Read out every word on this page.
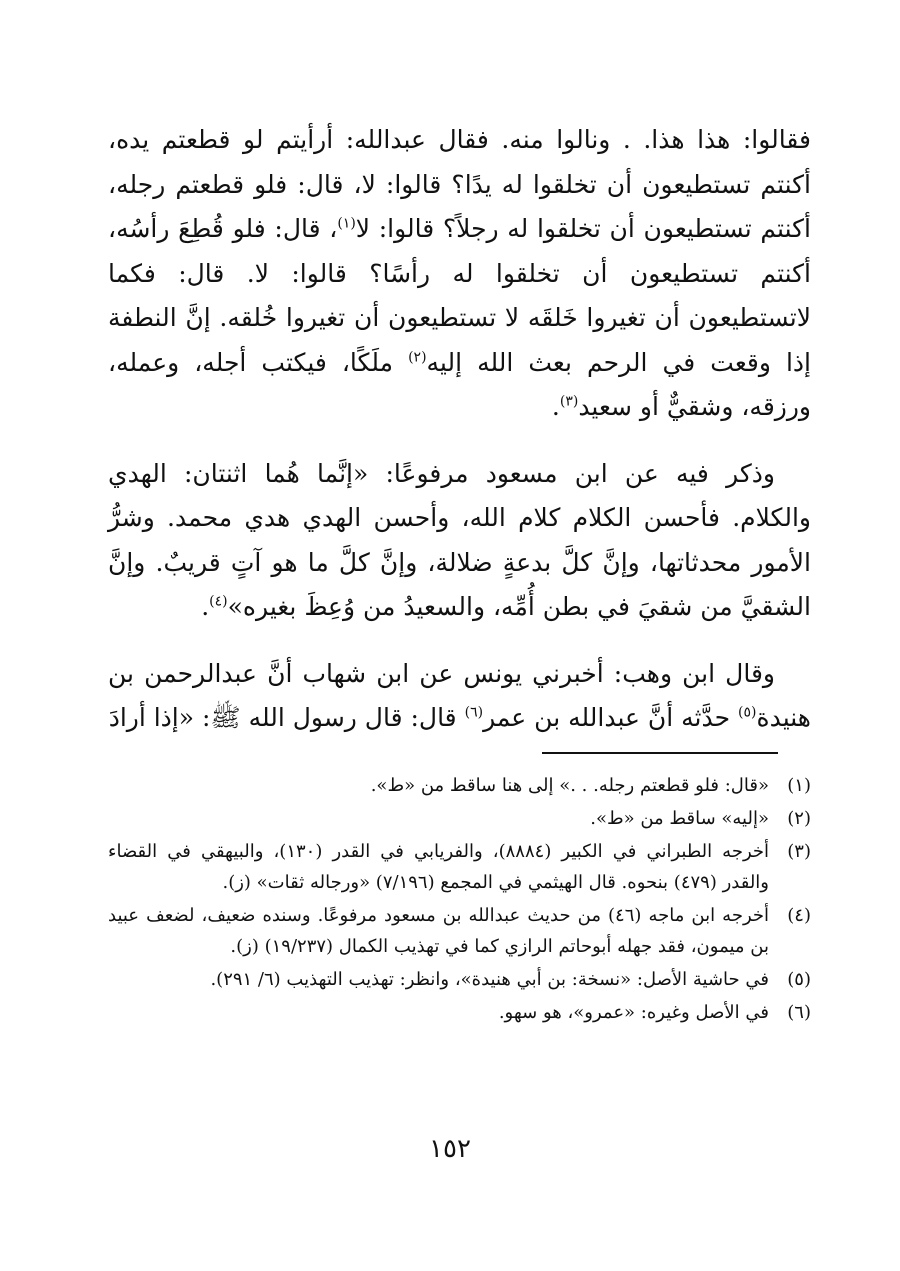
فقالوا: هذا هذا. . ونالوا منه. فقال عبدالله: أرأيتم لو قطعتم يده، أكنتم تستطيعون أن تخلقوا له يدًا؟ قالوا: لا، قال: فلو قطعتم رجله، أكنتم تستطيعون أن تخلقوا له رجلاً؟ قالوا: لا$^{(١)}$، قال: فلو قُطِعَ رأسُه، أكنتم تستطيعون أن تخلقوا له رأسًا؟ قالوا: لا. قال: فكما لاتستطيعون أن تغيروا خَلقَه لا تستطيعون أن تغيروا خُلقه. إنَّ النطفة إذا وقعت في الرحم بعث الله إليه$^{(٢)}$ ملَكًا، فيكتب أجله، وعمله، ورزقه، وشقيٌّ أو سعيد$^{(٣)}$.

وذكر فيه عن ابن مسعود مرفوعًا: «إنَّما هُما اثنتان: الهدي والكلام. فأحسن الكلام كلام الله، وأحسن الهدي هدي محمد. وشرُّ الأمور محدثاتها، وإنَّ كلَّ بدعةٍ ضلالة، وإنَّ كلَّ ما هو آتٍ قريبٌ. وإنَّ الشقيَّ من شقيَ في بطن أُمِّه، والسعيدُ من وُعِظَ بغيره»$^{(٤)}$.

وقال ابن وهب: أخبرني يونس عن ابن شهاب أنَّ عبدالرحمن بن هنيدة$^{(٥)}$ حدَّثه أنَّ عبدالله بن عمر$^{(٦)}$ قال: قال رسول الله ﷺ: «إذا أرادَ

(١)
«قال: فلو قطعتم رجله. . .» إلى هنا ساقط من «ط».
(٢)
«إليه» ساقط من «ط».
(٣)
أخرجه الطبراني في الكبير (٨٨٨٤)، والفريابي في القدر (١٣٠)، والبيهقي في القضاء والقدر (٤٧٩) بنحوه. قال الهيثمي في المجمع (٧/١٩٦) «ورجاله ثقات» (ز).
(٤)
أخرجه ابن ماجه (٤٦) من حديث عبدالله بن مسعود مرفوعًا. وسنده ضعيف، لضعف عبيد بن ميمون، فقد جهله أبوحاتم الرازي كما في تهذيب الكمال (١٩/٢٣٧) (ز).
(٥)
في حاشية الأصل: «نسخة: بن أبي هنيدة»، وانظر: تهذيب التهذيب (٦/ ٢٩١).
(٦)
في الأصل وغيره: «عمرو»، هو سهو.
١٥٢
